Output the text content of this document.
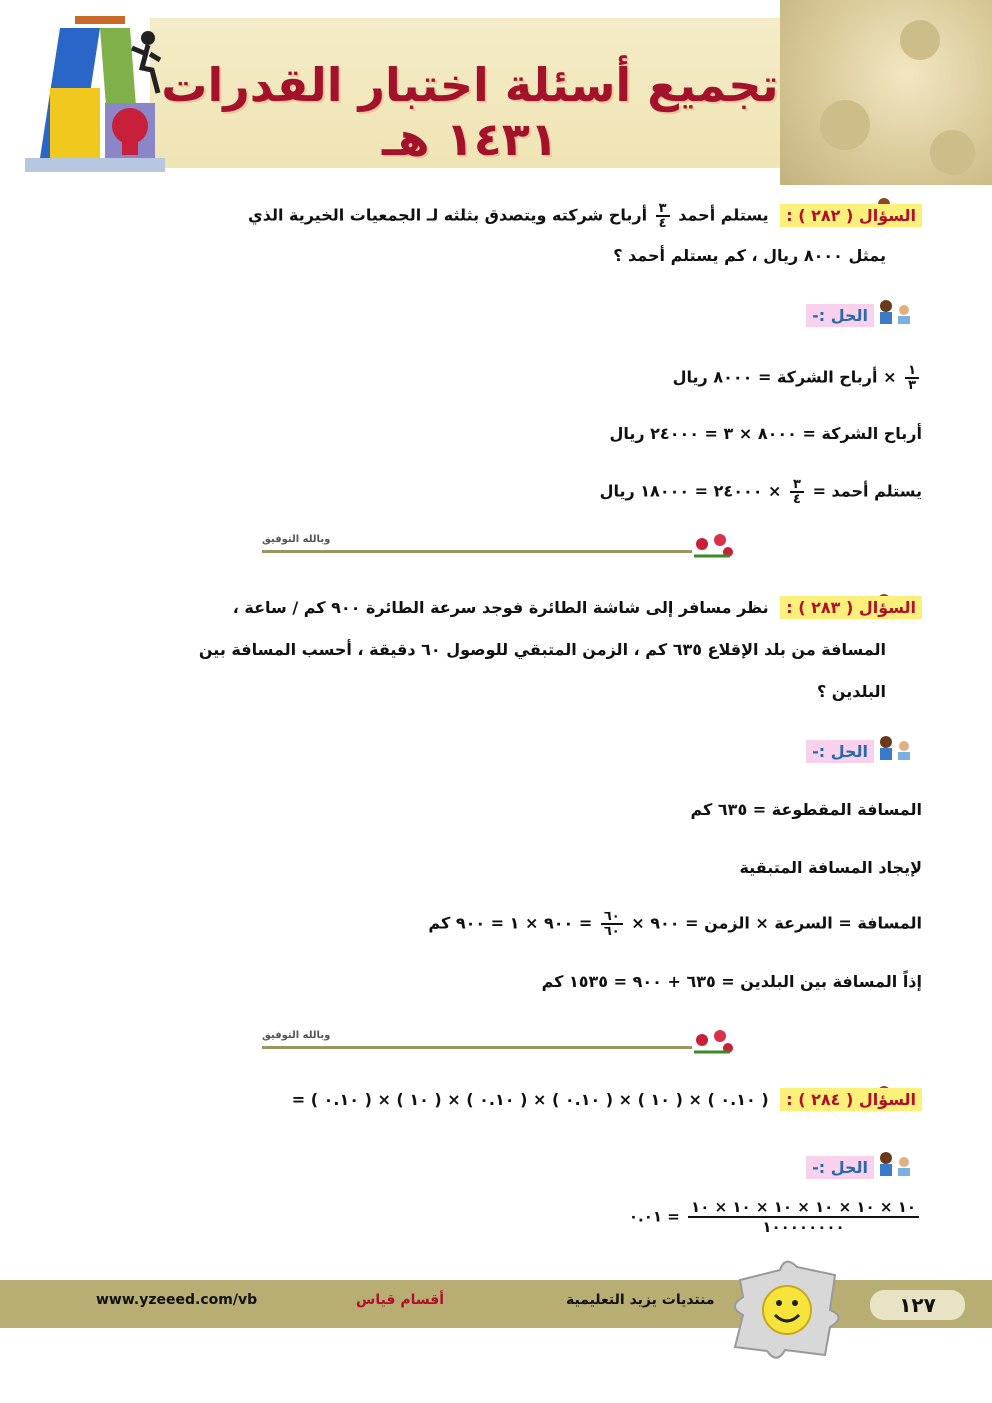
تجميع أسئلة اختبار القدرات ١٤٣١ هـ
السؤال ( ٢٨٢ ) : يستلم أحمد
$\frac{٣}{٤}$
أرباح شركته ويتصدق بثلثه لـ الجمعيات الخيرية الذي
يمثل ٨٠٠٠ ريال ، كم يستلم أحمد ؟
الحل :-
$\frac{١}{٣}$
× أرباح الشركة = ٨٠٠٠ ريال
أرباح الشركة = ٨٠٠٠ × ٣ = ٢٤٠٠٠ ريال
يستلم أحمد =
$\frac{٣}{٤}$
× ٢٤٠٠٠ = ١٨٠٠٠ ريال
وبالله التوفيق
السؤال ( ٢٨٣ ) : نظر مسافر إلى شاشة الطائرة فوجد سرعة الطائرة ٩٠٠ كم / ساعة ،
المسافة من بلد الإقلاع ٦٣٥ كم ، الزمن المتبقي للوصول ٦٠ دقيقة ، أحسب المسافة بين
البلدين ؟
الحل :-
المسافة المقطوعة = ٦٣٥ كم
لإيجاد المسافة المتبقية
المسافة = السرعة × الزمن = ٩٠٠ ×
$\frac{٦٠}{٦٠}$
= ٩٠٠ × ١ = ٩٠٠ كم
إذاً المسافة بين البلدين = ٦٣٥ + ٩٠٠ = ١٥٣٥ كم
وبالله التوفيق
السؤال ( ٢٨٤ ) : ( ٠.١٠ ) × ( ١٠ ) × ( ٠.١٠ ) × ( ٠.١٠ ) × ( ١٠ ) × ( ٠.١٠ ) =
الحل :-
$\frac{١٠ \times ١٠ \times ١٠ \times ١٠ \times ١٠ \times ١٠}{١٠٠٠٠٠٠٠٠}$
= ٠.٠١
١٢٧
منتديات يزيد التعليمية
أقسام قياس
www.yzeeed.com/vb
